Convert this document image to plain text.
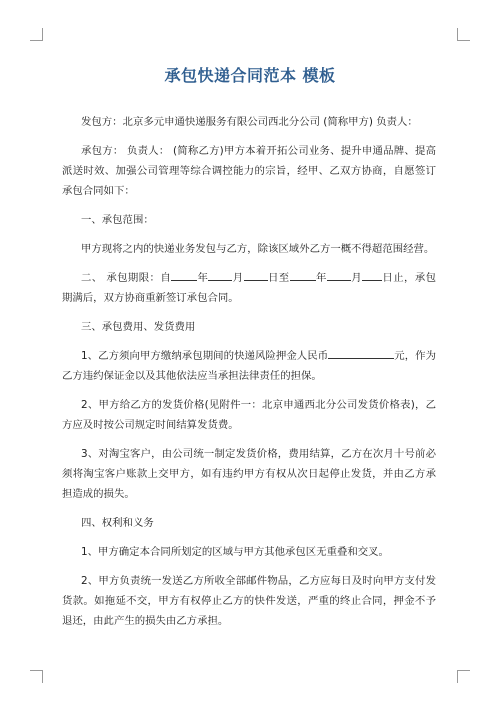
承包快递合同范本 模板

发包方：北京多元申通快递服务有限公司西北分公司 (简称甲方) 负责人：

承包方： 负责人： (简称乙方)甲方本着开拓公司业务、提升申通品牌、提高派送时效、加强公司管理等综合调控能力的宗旨，经甲、乙双方协商，自愿签订承包合同如下：

一、承包范围：

甲方现将之内的快递业务发包与乙方，除该区域外乙方一概不得超范围经营。

二、 承包期限：自	年 月 日至	年 月 日止，承包期满后，双方协商重新签订承包合同。

三、承包费用、发货费用

1、乙方须向甲方缴纳承包期间的快递风险押金人民币	元，作为乙方违约保证金以及其他依法应当承担法律责任的担保。

2、甲方给乙方的发货价格(见附件一：北京申通西北分公司发货价格表)，乙方应及时按公司规定时间结算发货费。

3、对淘宝客户，由公司统一制定发货价格，费用结算，乙方在次月十号前必须将淘宝客户账款上交甲方，如有违约甲方有权从次日起停止发货，并由乙方承担造成的损失。

四、权利和义务

1、甲方确定本合同所划定的区域与甲方其他承包区无重叠和交叉。

2、甲方负责统一发送乙方所收全部邮件物品，乙方应每日及时向甲方支付发货款。如拖延不交，甲方有权停止乙方的快件发送，严重的终止合同，押金不予退还，由此产生的损失由乙方承担。
